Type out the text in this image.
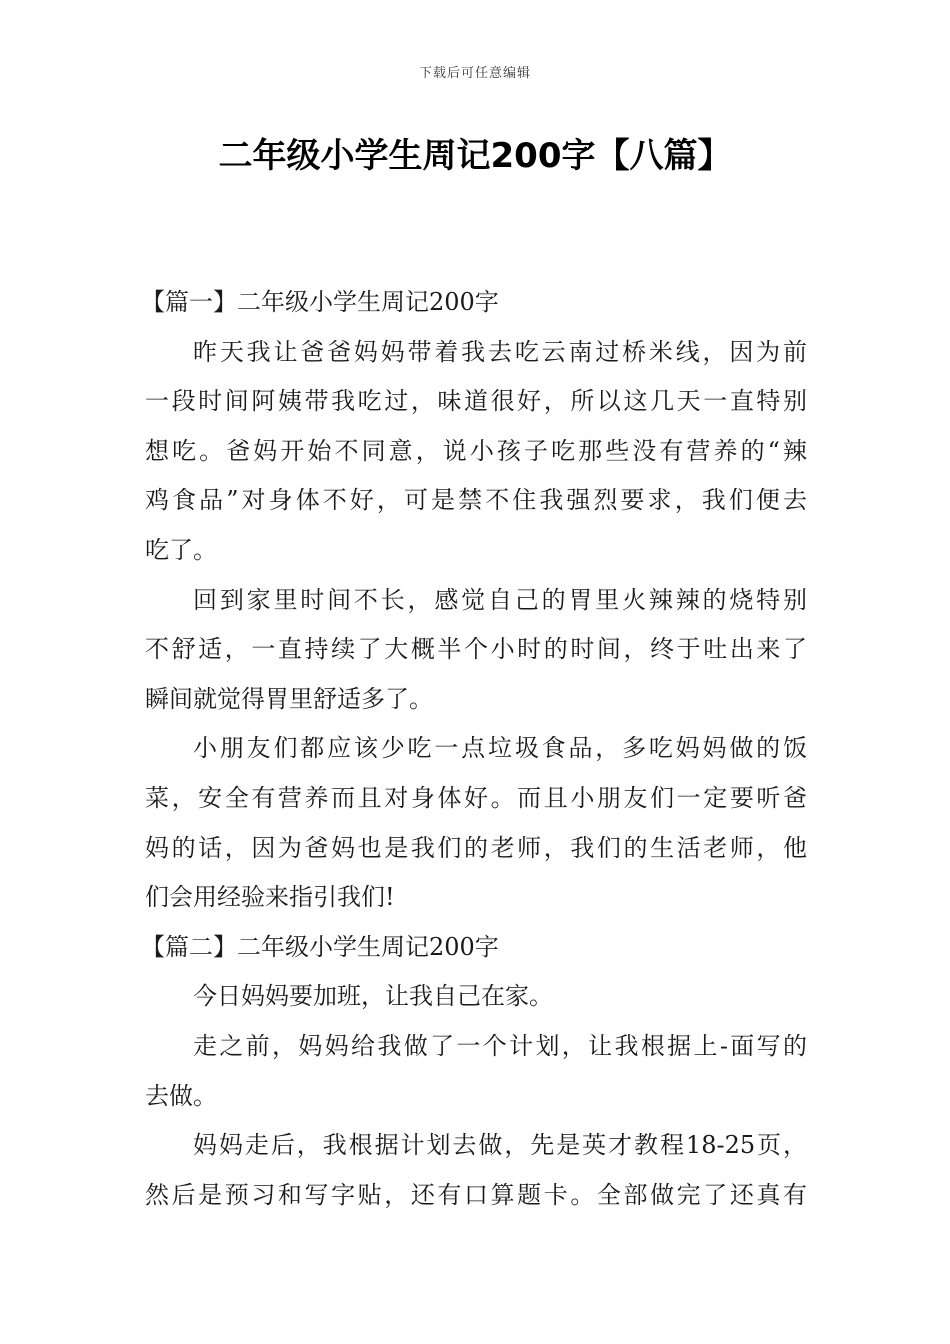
下载后可任意编辑
二年级小学生周记200字【八篇】
【篇一】二年级小学生周记200字
昨天我让爸爸妈妈带着我去吃云南过桥米线，因为前
一段时间阿姨带我吃过，味道很好，所以这几天一直特别
想吃。爸妈开始不同意，说小孩子吃那些没有营养的“辣
鸡食品”对身体不好，可是禁不住我强烈要求，我们便去
吃了。
回到家里时间不长，感觉自己的胃里火辣辣的烧特别
不舒适，一直持续了大概半个小时的时间，终于吐出来了
瞬间就觉得胃里舒适多了。
小朋友们都应该少吃一点垃圾食品，多吃妈妈做的饭
菜，安全有营养而且对身体好。而且小朋友们一定要听爸
妈的话，因为爸妈也是我们的老师，我们的生活老师，他
们会用经验来指引我们!
【篇二】二年级小学生周记200字
今日妈妈要加班，让我自己在家。
走之前，妈妈给我做了一个计划，让我根据上-面写的
去做。
妈妈走后，我根据计划去做，先是英才教程18-25页，
然后是预习和写字贴，还有口算题卡。全部做完了还真有
